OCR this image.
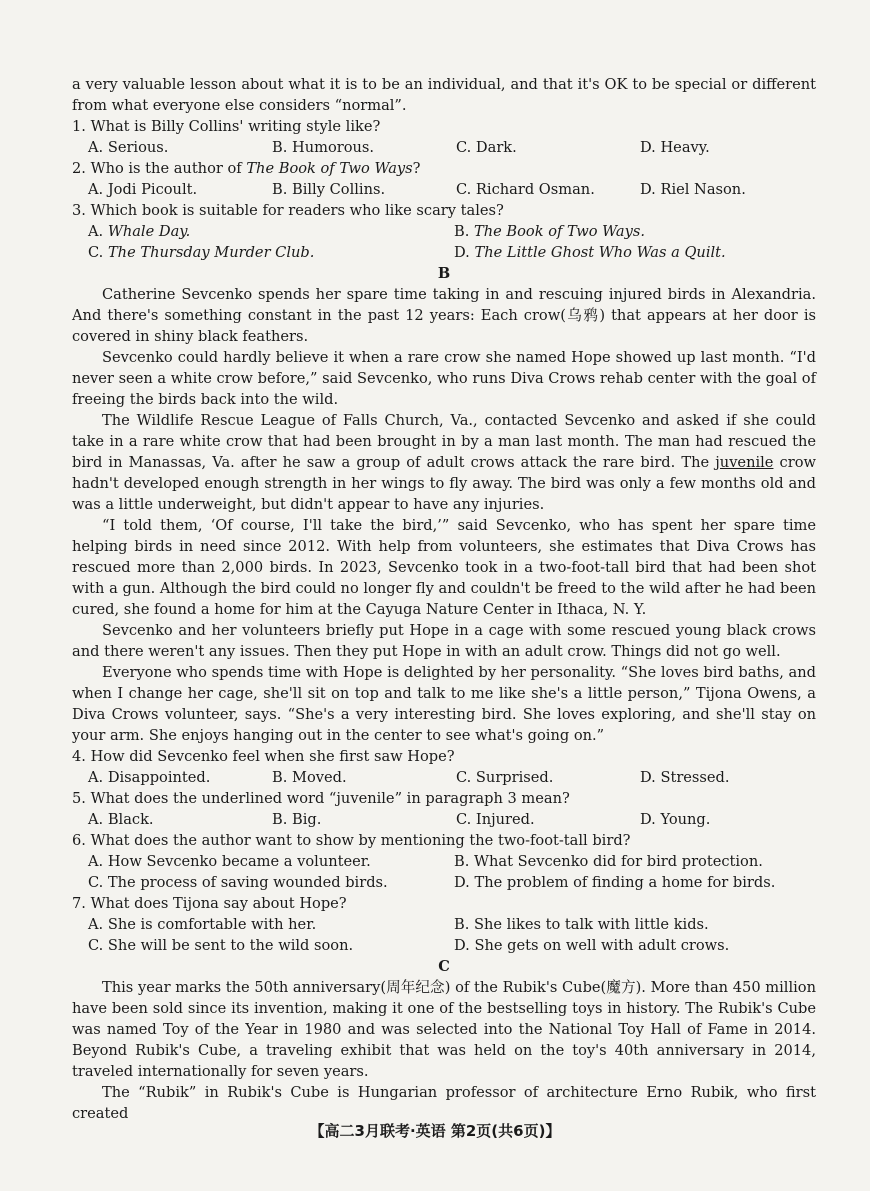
a very valuable lesson about what it is to be an individual, and that it's OK to be special or different from what everyone else considers “normal”.

1. What is Billy Collins' writing style like?
A. Serious.	B. Humorous.	C. Dark.	D. Heavy.
2. Who is the author of The Book of Two Ways?
A. Jodi Picoult.	B. Billy Collins.	C. Richard Osman.	D. Riel Nason.
3. Which book is suitable for readers who like scary tales?
A. Whale Day.	B. The Book of Two Ways.
C. The Thursday Murder Club.	D. The Little Ghost Who Was a Quilt.
B

Catherine Sevcenko spends her spare time taking in and rescuing injured birds in Alexandria. And there's something constant in the past 12 years: Each crow(乌鸦) that appears at her door is covered in shiny black feathers.

Sevcenko could hardly believe it when a rare crow she named Hope showed up last month. “I'd never seen a white crow before,” said Sevcenko, who runs Diva Crows rehab center with the goal of freeing the birds back into the wild.

The Wildlife Rescue League of Falls Church, Va., contacted Sevcenko and asked if she could take in a rare white crow that had been brought in by a man last month. The man had rescued the bird in Manassas, Va. after he saw a group of adult crows attack the rare bird. The juvenile crow hadn't developed enough strength in her wings to fly away. The bird was only a few months old and was a little underweight, but didn't appear to have any injuries.

“I told them, ‘Of course, I'll take the bird,’” said Sevcenko, who has spent her spare time helping birds in need since 2012. With help from volunteers, she estimates that Diva Crows has rescued more than 2,000 birds. In 2023, Sevcenko took in a two-foot-tall bird that had been shot with a gun. Although the bird could no longer fly and couldn't be freed to the wild after he had been cured, she found a home for him at the Cayuga Nature Center in Ithaca, N. Y.

Sevcenko and her volunteers briefly put Hope in a cage with some rescued young black crows and there weren't any issues. Then they put Hope in with an adult crow. Things did not go well.

Everyone who spends time with Hope is delighted by her personality. “She loves bird baths, and when I change her cage, she'll sit on top and talk to me like she's a little person,” Tijona Owens, a Diva Crows volunteer, says. “She's a very interesting bird. She loves exploring, and she'll stay on your arm. She enjoys hanging out in the center to see what's going on.”

4. How did Sevcenko feel when she first saw Hope?
A. Disappointed.	B. Moved.	C. Surprised.	D. Stressed.
5. What does the underlined word “juvenile” in paragraph 3 mean?
A. Black.	B. Big.	C. Injured.	D. Young.
6. What does the author want to show by mentioning the two-foot-tall bird?
A. How Sevcenko became a volunteer.	B. What Sevcenko did for bird protection.
C. The process of saving wounded birds.	D. The problem of finding a home for birds.
7. What does Tijona say about Hope?
A. She is comfortable with her.	B. She likes to talk with little kids.
C. She will be sent to the wild soon.	D. She gets on well with adult crows.
C

This year marks the 50th anniversary(周年纪念) of the Rubik's Cube(魔方). More than 450 million have been sold since its invention, making it one of the bestselling toys in history. The Rubik's Cube was named Toy of the Year in 1980 and was selected into the National Toy Hall of Fame in 2014. Beyond Rubik's Cube, a traveling exhibit that was held on the toy's 40th anniversary in 2014, traveled internationally for seven years.

The “Rubik” in Rubik's Cube is Hungarian professor of architecture Erno Rubik, who first created

【高二3月联考·英语 第2页(共6页)】
